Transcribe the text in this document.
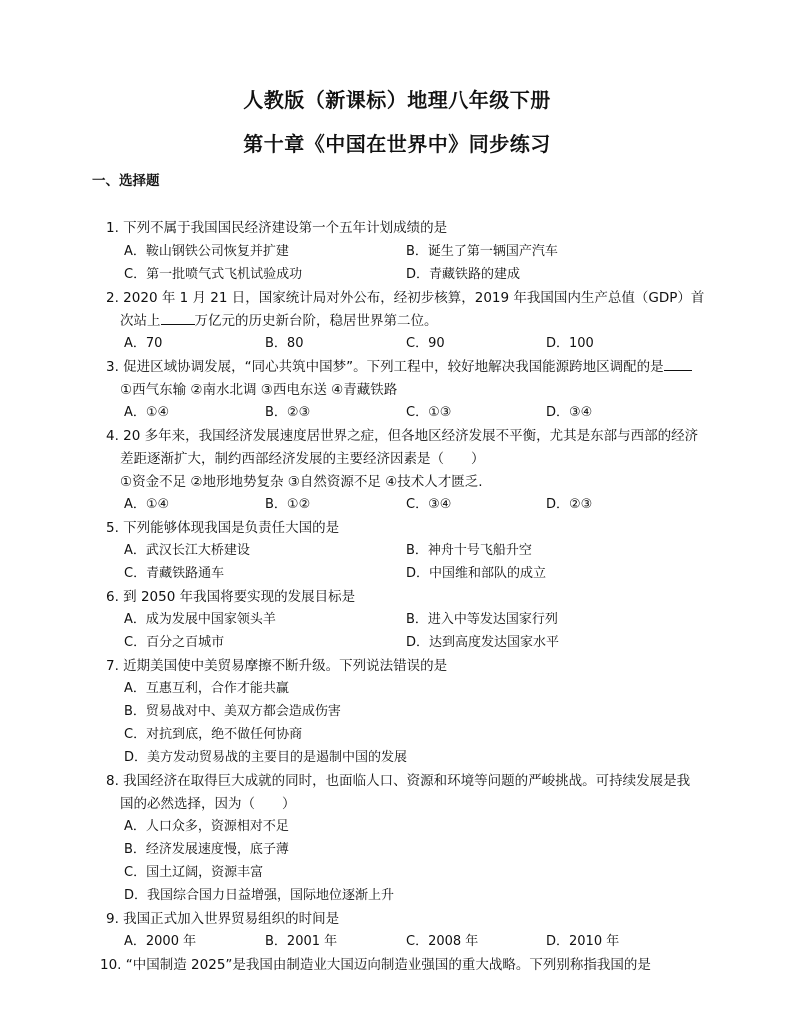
人教版（新课标）地理八年级下册
第十章《中国在世界中》同步练习
一、选择题
1. 下列不属于我国国民经济建设第一个五年计划成绩的是
A．鞍山钢铁公司恢复并扩建	B．诞生了第一辆国产汽车
C．第一批喷气式飞机试验成功	D．青藏铁路的建成
2. 2020 年 1 月 21 日，国家统计局对外公布，经初步核算，2019 年我国国内生产总值（GDP）首
次站上	万亿元的历史新台阶，稳居世界第二位。
A．70	B．80	C．90	D．100
3. 促进区域协调发展，“同心共筑中国梦”。下列工程中，较好地解决我国能源跨地区调配的是
①西气东输 ②南水北调 ③西电东送 ④青藏铁路
A．①④	B．②③	C．①③	D．③④
4. 20 多年来，我国经济发展速度居世界之症，但各地区经济发展不平衡，尤其是东部与西部的经济
差距逐渐扩大，制约西部经济发展的主要经济因素是（　　）
①资金不足 ②地形地势复杂 ③自然资源不足 ④技术人才匮乏.
A．①④	B．①②	C．③④	D．②③
5. 下列能够体现我国是负责任大国的是
A．武汉长江大桥建设	B．神舟十号飞船升空
C．青藏铁路通车	D．中国维和部队的成立
6. 到 2050 年我国将要实现的发展目标是
A．成为发展中国家领头羊	B．进入中等发达国家行列
C．百分之百城市	D．达到高度发达国家水平
7. 近期美国使中美贸易摩擦不断升级。下列说法错误的是
A．互惠互利，合作才能共赢
B．贸易战对中、美双方都会造成伤害
C．对抗到底，绝不做任何协商
D．美方发动贸易战的主要目的是遏制中国的发展
8. 我国经济在取得巨大成就的同时，也面临人口、资源和环境等问题的严峻挑战。可持续发展是我
国的必然选择，因为（　　）
A．人口众多，资源相对不足
B．经济发展速度慢，底子薄
C．国土辽阔，资源丰富
D．我国综合国力日益增强，国际地位逐渐上升
9. 我国正式加入世界贸易组织的时间是
A．2000 年	B．2001 年	C．2008 年	D．2010 年
10. “中国制造 2025”是我国由制造业大国迈向制造业强国的重大战略。下列别称指我国的是
